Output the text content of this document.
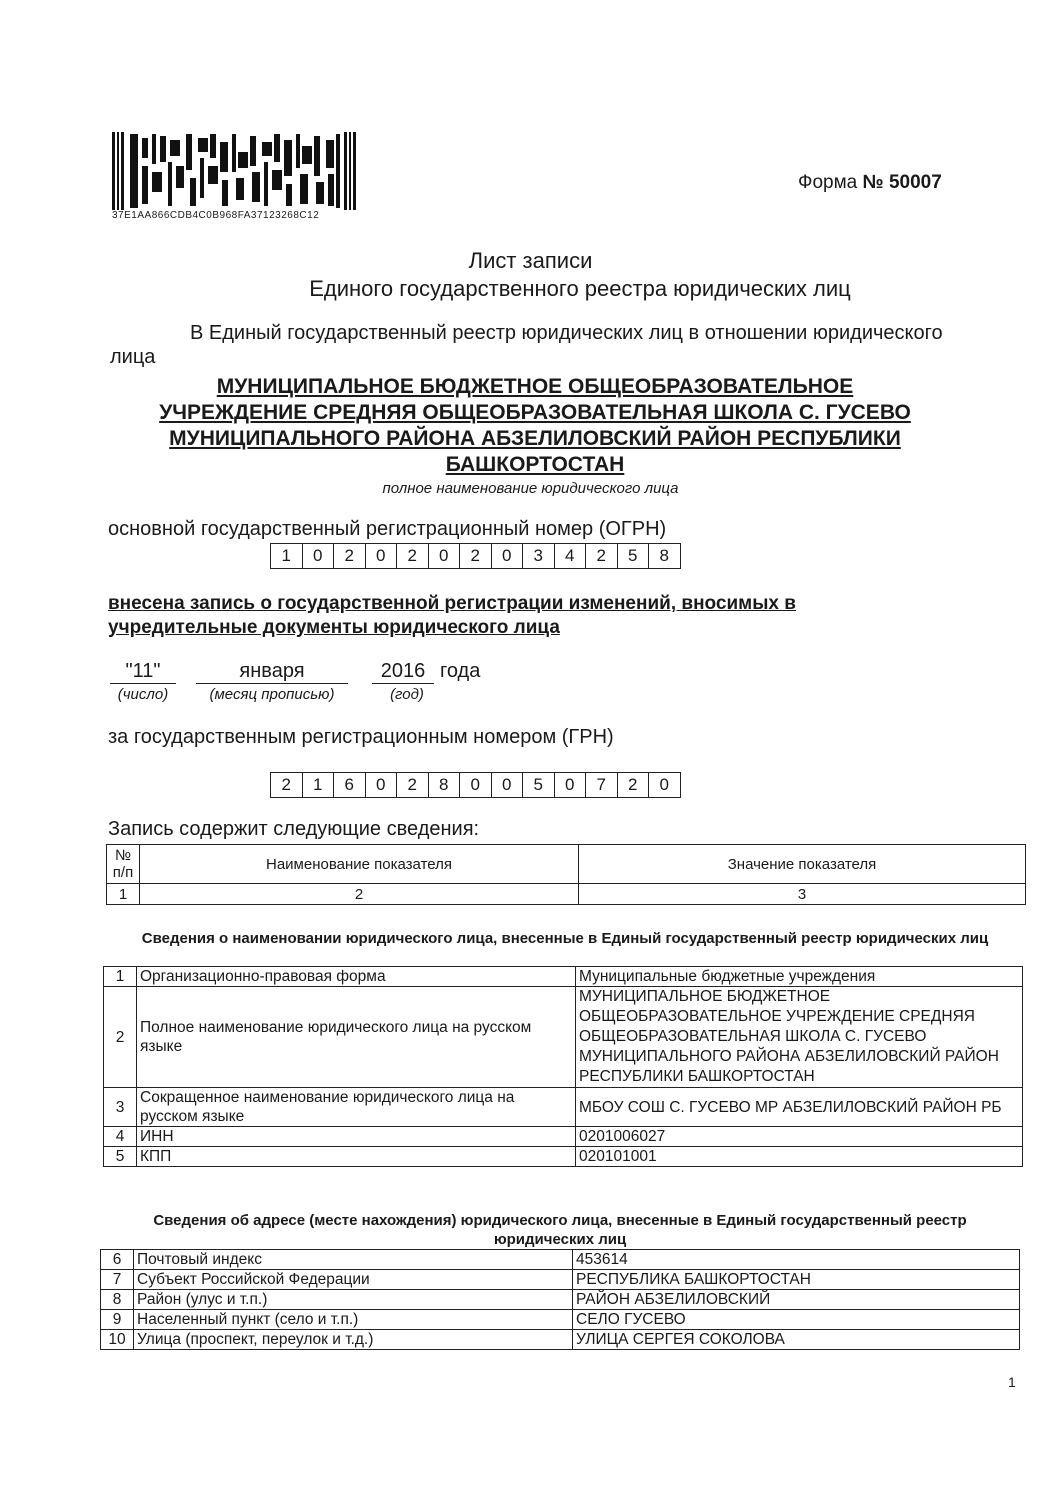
37E1AA866CDB4C0B968FA37123268C12
Форма № 50007
Лист записи
Единого государственного реестра юридических лиц
В Единый государственный реестр юридических лиц в отношении юридического
лица
МУНИЦИПАЛЬНОЕ БЮДЖЕТНОЕ ОБЩЕОБРАЗОВАТЕЛЬНОЕ
УЧРЕЖДЕНИЕ СРЕДНЯЯ ОБЩЕОБРАЗОВАТЕЛЬНАЯ ШКОЛА С. ГУСЕВО
МУНИЦИПАЛЬНОГО РАЙОНА АБЗЕЛИЛОВСКИЙ РАЙОН РЕСПУБЛИКИ
БАШКОРТОСТАН
полное наименование юридического лица
основной государственный регистрационный номер (ОГРН)
1	0	2	0	2	0	2	0	3	4	2	5	8
внесена запись о государственной регистрации изменений, вносимых в
учредительные документы юридического лица
"11"	января	2016 года
(число)	(месяц прописью)	(год)
за государственным регистрационным номером (ГРН)
2	1	6	0	2	8	0	0	5	0	7	2	0
Запись содержит следующие сведения:
№ п/п	Наименование показателя	Значение показателя
1	2	3
Сведения о наименовании юридического лица, внесенные в Единый государственный реестр юридических лиц
1	Организационно-правовая форма	Муниципальные бюджетные учреждения
2	Полное наименование юридического лица на русском языке	МУНИЦИПАЛЬНОЕ БЮДЖЕТНОЕ ОБЩЕОБРАЗОВАТЕЛЬНОЕ УЧРЕЖДЕНИЕ СРЕДНЯЯ ОБЩЕОБРАЗОВАТЕЛЬНАЯ ШКОЛА С. ГУСЕВО МУНИЦИПАЛЬНОГО РАЙОНА АБЗЕЛИЛОВСКИЙ РАЙОН РЕСПУБЛИКИ БАШКОРТОСТАН
3	Сокращенное наименование юридического лица на русском языке	МБОУ СОШ С. ГУСЕВО МР АБЗЕЛИЛОВСКИЙ РАЙОН РБ
4	ИНН	0201006027
5	КПП	020101001
Сведения об адресе (месте нахождения) юридического лица, внесенные в Единый государственный реестр юридических лиц
6	Почтовый индекс	453614
7	Субъект Российской Федерации	РЕСПУБЛИКА БАШКОРТОСТАН
8	Район (улус и т.п.)	РАЙОН АБЗЕЛИЛОВСКИЙ
9	Населенный пункт (село и т.п.)	СЕЛО ГУСЕВО
10	Улица (проспект, переулок и т.д.)	УЛИЦА СЕРГЕЯ СОКОЛОВА
1
